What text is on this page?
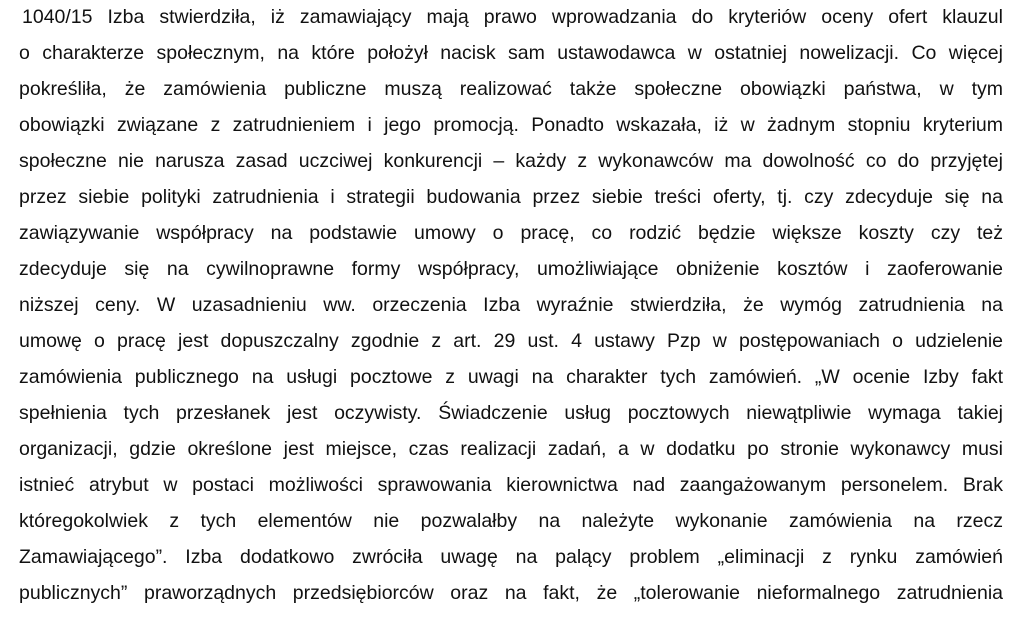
1040/15 Izba stwierdziła, iż zamawiający mają prawo wprowadzania do kryteriów oceny ofert klauzul
o charakterze społecznym, na które położył nacisk sam ustawodawca w ostatniej nowelizacji. Co więcej
pokreśliła, że zamówienia publiczne muszą realizować także społeczne obowiązki państwa, w tym
obowiązki związane z zatrudnieniem i jego promocją. Ponadto wskazała, iż w żadnym stopniu kryterium
społeczne nie narusza zasad uczciwej konkurencji – każdy z wykonawców ma dowolność co do przyjętej
przez siebie polityki zatrudnienia i strategii budowania przez siebie treści oferty, tj. czy zdecyduje się na
zawiązywanie współpracy na podstawie umowy o pracę, co rodzić będzie większe koszty czy też
zdecyduje się na cywilnoprawne formy współpracy, umożliwiające obniżenie kosztów i zaoferowanie
niższej ceny. W uzasadnieniu ww. orzeczenia Izba wyraźnie stwierdziła, że wymóg zatrudnienia na
umowę o pracę jest dopuszczalny zgodnie z art. 29 ust. 4 ustawy Pzp w postępowaniach o udzielenie
zamówienia publicznego na usługi pocztowe z uwagi na charakter tych zamówień. „W ocenie Izby fakt
spełnienia tych przesłanek jest oczywisty. Świadczenie usług pocztowych niewątpliwie wymaga takiej
organizacji, gdzie określone jest miejsce, czas realizacji zadań, a w dodatku po stronie wykonawcy musi
istnieć atrybut w postaci możliwości sprawowania kierownictwa nad zaangażowanym personelem. Brak
któregokolwiek z tych elementów nie pozwalałby na należyte wykonanie zamówienia na rzecz
Zamawiającego”. Izba dodatkowo zwróciła uwagę na palący problem „eliminacji z rynku zamówień
publicznych” praworządnych przedsiębiorców oraz na fakt, że „tolerowanie nieformalnego zatrudnienia
